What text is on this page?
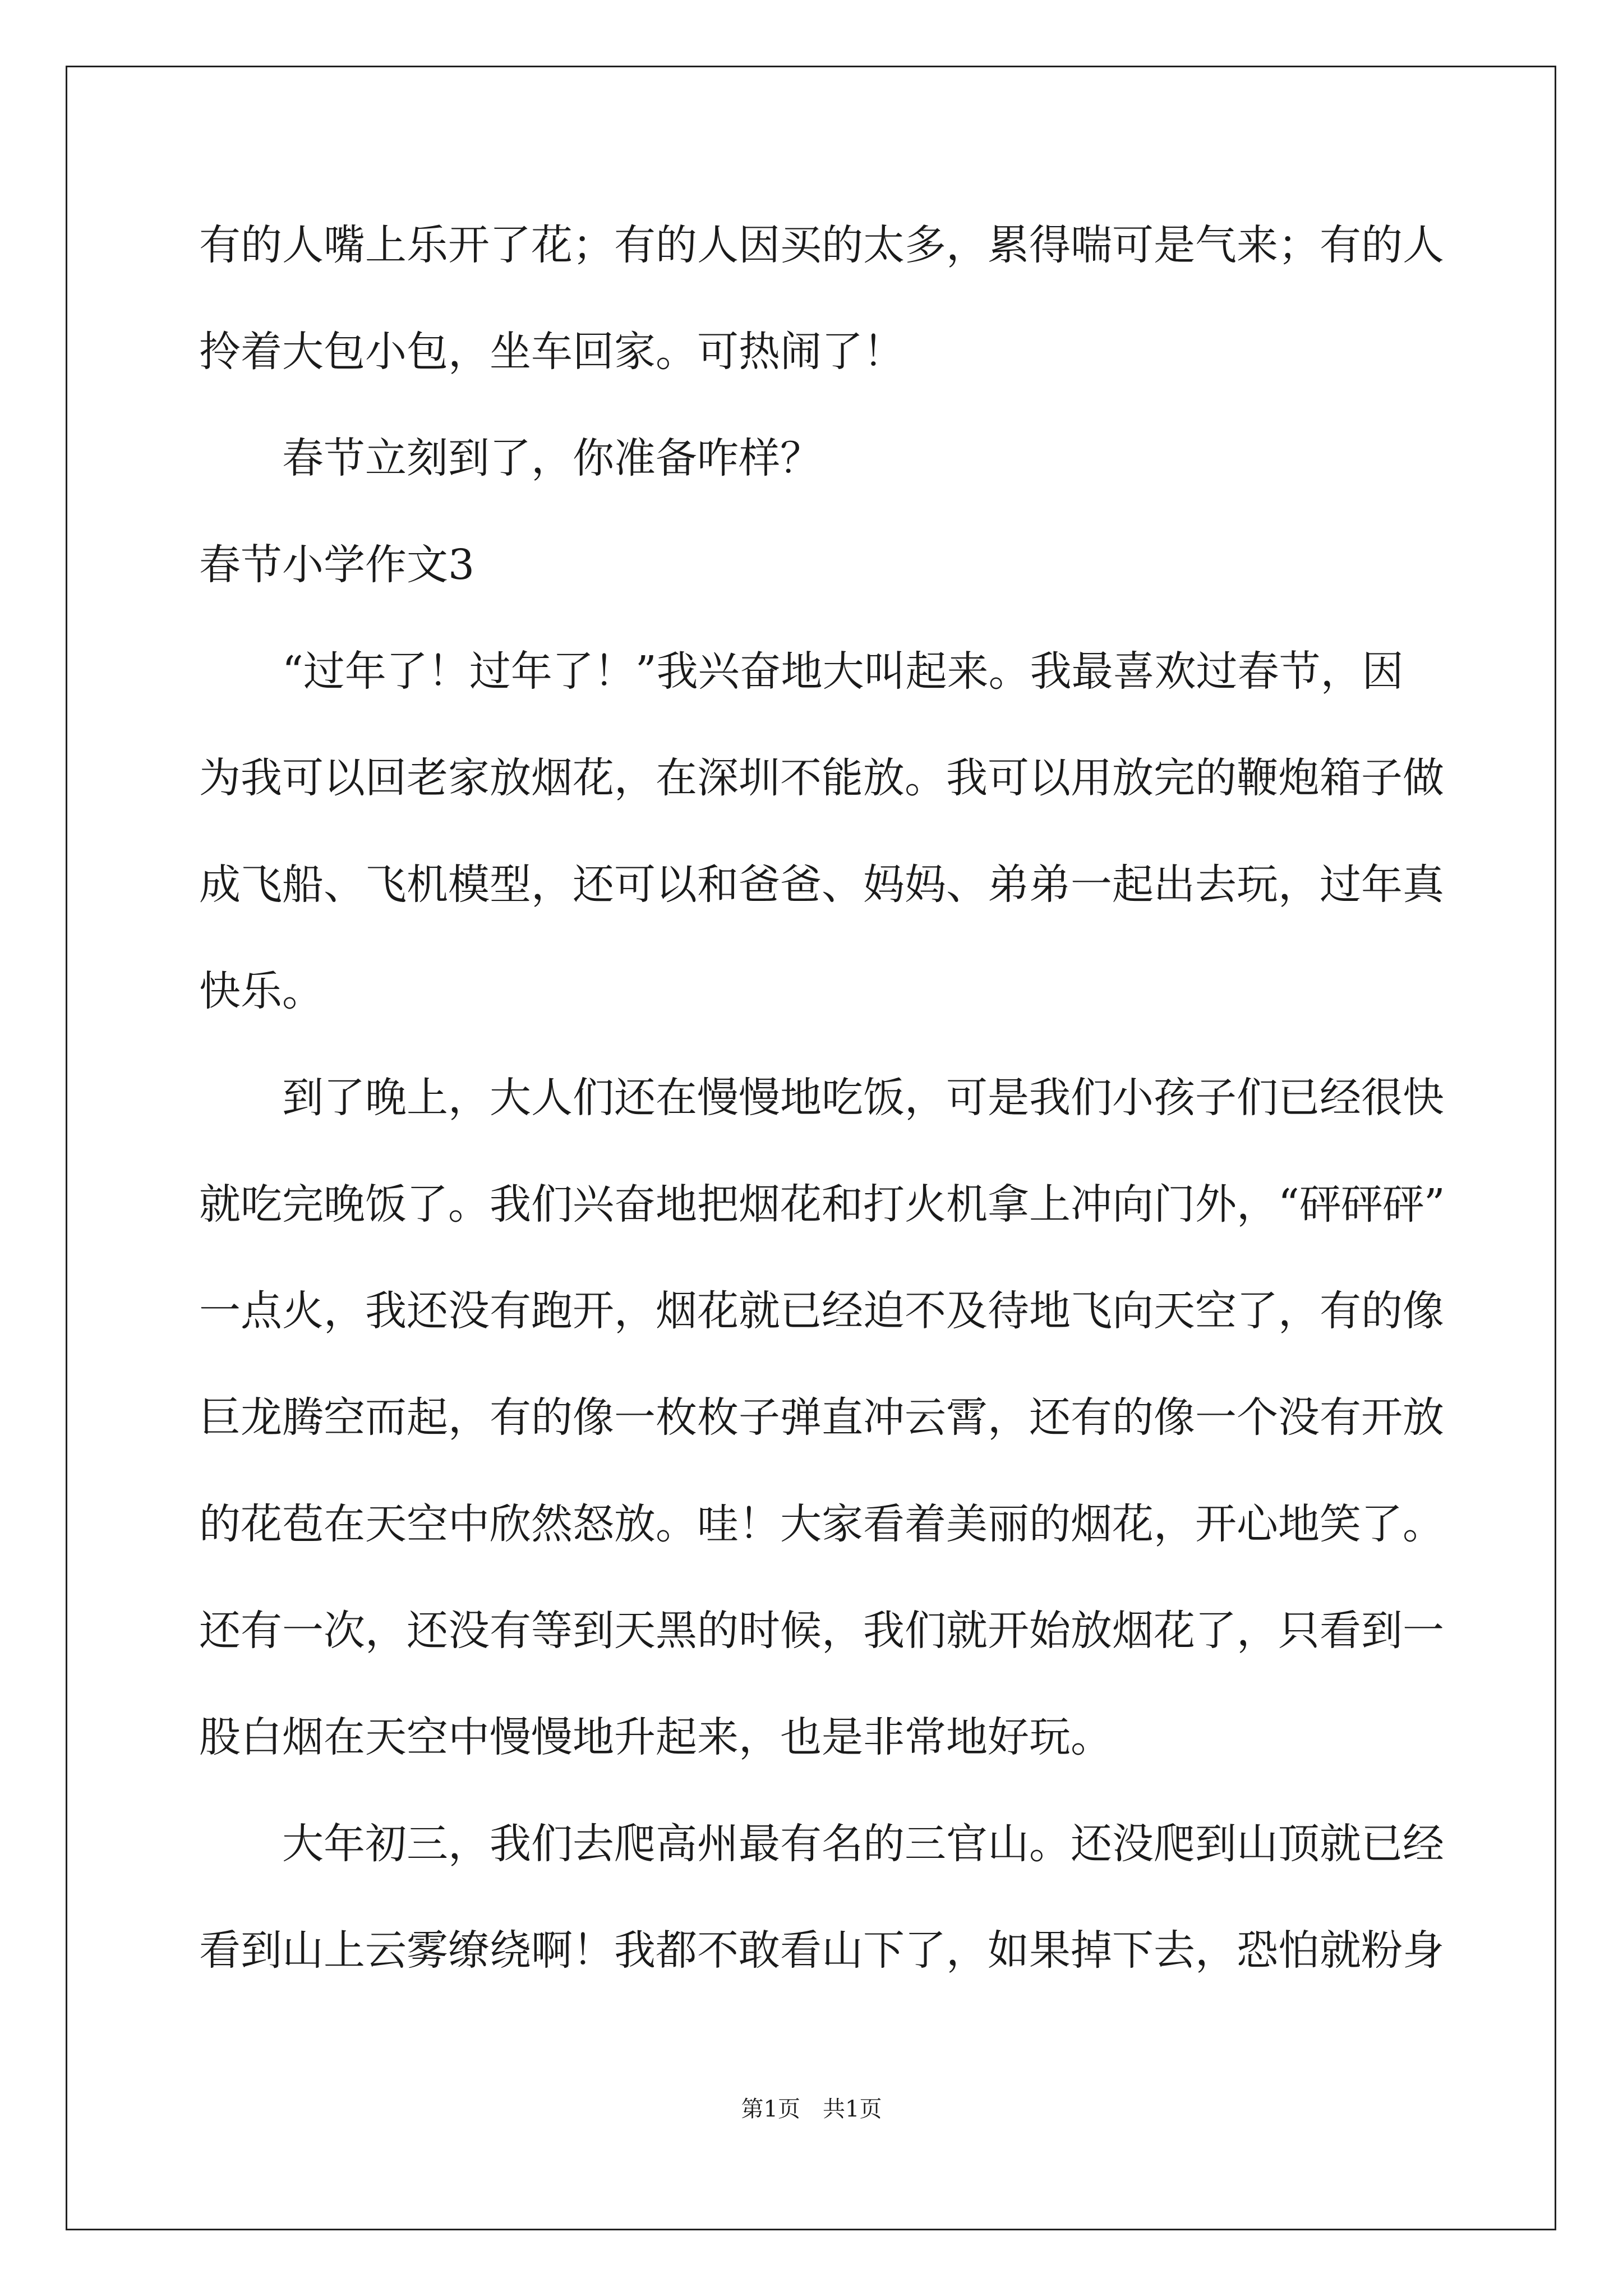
有的人嘴上乐开了花；有的人因买的太多，累得喘可是气来；有的人
拎着大包小包，坐车回家。可热闹了！
春节立刻到了，你准备咋样？
春节小学作文3
“过年了！过年了！”我兴奋地大叫起来。我最喜欢过春节，因
为我可以回老家放烟花，在深圳不能放。我可以用放完的鞭炮箱子做
成飞船、飞机模型，还可以和爸爸、妈妈、弟弟一起出去玩，过年真
快乐。
到了晚上，大人们还在慢慢地吃饭，可是我们小孩子们已经很快
就吃完晚饭了。我们兴奋地把烟花和打火机拿上冲向门外，“砰砰砰”
一点火，我还没有跑开，烟花就已经迫不及待地飞向天空了，有的像
巨龙腾空而起，有的像一枚枚子弹直冲云霄，还有的像一个没有开放
的花苞在天空中欣然怒放。哇！大家看着美丽的烟花，开心地笑了。
还有一次，还没有等到天黑的时候，我们就开始放烟花了，只看到一
股白烟在天空中慢慢地升起来，也是非常地好玩。
大年初三，我们去爬高州最有名的三官山。还没爬到山顶就已经
看到山上云雾缭绕啊！我都不敢看山下了，如果掉下去，恐怕就粉身
第1页　共1页
